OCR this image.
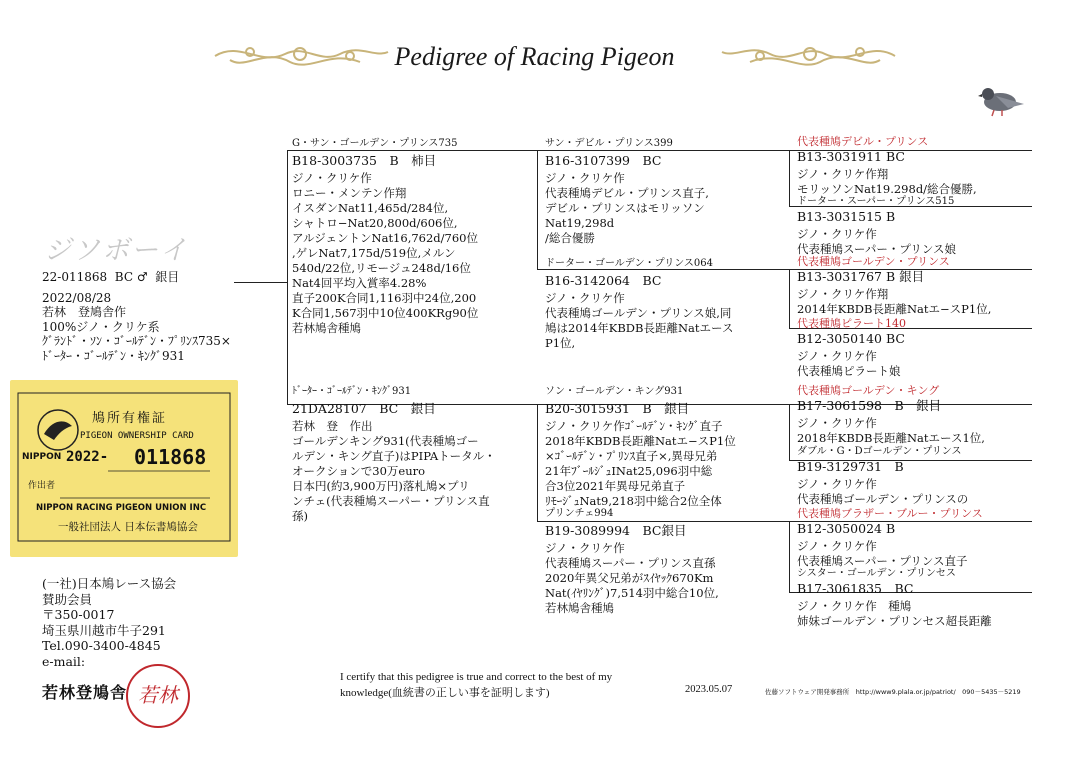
Pedigree of Racing Pigeon
ジソボーイ
22-011868 BC ♂ 銀目
2022/08/28
若林　登鳩舎作
100%ジノ・クリケ系
ｸﾞﾗﾝﾄﾞ・ｿﾝ・ｺﾞｰﾙﾃﾞﾝ・ﾌﾟﾘﾝｽ735×
ﾄﾞｰﾀｰ・ｺﾞｰﾙﾃﾞﾝ・ｷﾝｸﾞ931
鳩所有権証
PIGEON OWNERSHIP CARD
NIPPON 2022- 011868
作出者
NIPPON RACING PIGEON UNION INC
一般社団法人 日本伝書鳩協会
(一社)日本鳩レース協会
賛助会員
〒350-0017
埼玉県川越市牛子291
Tel.090-3400-4845
e-mail:
若林登鳩舎 若林
G・サン・ゴールデン・プリンス735
B18-3003735　B　柿目
ジノ・クリケ作
ロニー・メンテン作翔
イスダンNat11,465d/284位,
シャトロ−Nat20,800d/606位,
アルジェントンNat16,762d/760位
,ゲレNat7,175d/519位,メルン
540d/22位,リモージュ248d/16位
Nat4回平均入賞率4.28%
直子200K合同1,116羽中24位,200
K合同1,567羽中10位400KRg90位
若林鳩舎種鳩
ﾄﾞｰﾀｰ・ｺﾞｰﾙﾃﾞﾝ・ｷﾝｸﾞ931
21DA28107　BC　銀目
若林　登　作出
ゴールデンキング931(代表種鳩ゴー
ルデン・キング直子)はPIPAトータル・
オークションで30万euro
日本円(約3,900万円)落札鳩×プリ
ンチェ(代表種鳩スーパー・プリンス直
孫)
サン・デビル・プリンス399
B16-3107399　BC
ジノ・クリケ作
代表種鳩デビル・プリンス直子,
デビル・プリンスはモリッソン
Nat19,298d
/総合優勝
ドーター・ゴールデン・プリンス064
B16-3142064　BC
ジノ・クリケ作
代表種鳩ゴールデン・プリンス娘,同
鳩は2014年KBDB長距離Natエース
P1位,
ソン・ゴールデン・キング931
B20-3015931　B　銀目
ジノ・クリケ作ｺﾞｰﾙﾃﾞﾝ・ｷﾝｸﾞ直子
2018年KBDB長距離Natエ−スP1位
×ｺﾞｰﾙﾃﾞﾝ・ﾌﾟﾘﾝｽ直子×,異母兄弟
21年ﾌﾞｰﾙｼﾞｭⅠNat25,096羽中総
合3位2021年異母兄弟直子
ﾘﾓｰｼﾞｭNat9,218羽中総合2位全体
プリンチェ994
B19-3089994　BC銀目
ジノ・クリケ作
代表種鳩スーパー・プリンス直孫
2020年異父兄弟がｽｲﾔｯｸ670Km
Nat(ｲﾔﾘﾝｸﾞ)7,514羽中総合10位,
若林鳩舎種鳩
代表種鳩デビル・プリンス
B13-3031911 BC
ジノ・クリケ作翔
モリッソンNat19.298d/総合優勝,
ドーター・スーパー・プリンス515
B13-3031515 B
ジノ・クリケ作
代表種鳩スーパー・プリンス娘
代表種鳩ゴールデン・プリンス
B13-3031767 B 銀目
ジノ・クリケ作翔
2014年KBDB長距離Natエ−スP1位,
代表種鳩ピラート140
B12-3050140 BC
ジノ・クリケ作
代表種鳩ピラート娘
代表種鳩ゴールデン・キング
B17-3061598　B　銀目
ジノ・クリケ作
2018年KBDB長距離Natエース1位,
ダブル・G・Dゴールデン・プリンス
B19-3129731　B
ジノ・クリケ作
代表種鳩ゴールデン・プリンスの
代表種鳩ブラザー・ブルー・プリンス
B12-3050024 B
ジノ・クリケ作
代表種鳩スーパー・プリンス直子
シスター・ゴールデン・プリンセス
B17-3061835　BC
ジノ・クリケ作　種鳩
姉妹ゴールデン・プリンセス超長距離
I certify that this pedigree is true and correct to the best of my
knowledge(血統書の正しい事を証明します)	2023.05.07	佐藤ソフトウェア開発事務所　http://www9.plala.or.jp/patriot/　090－5435－5219
